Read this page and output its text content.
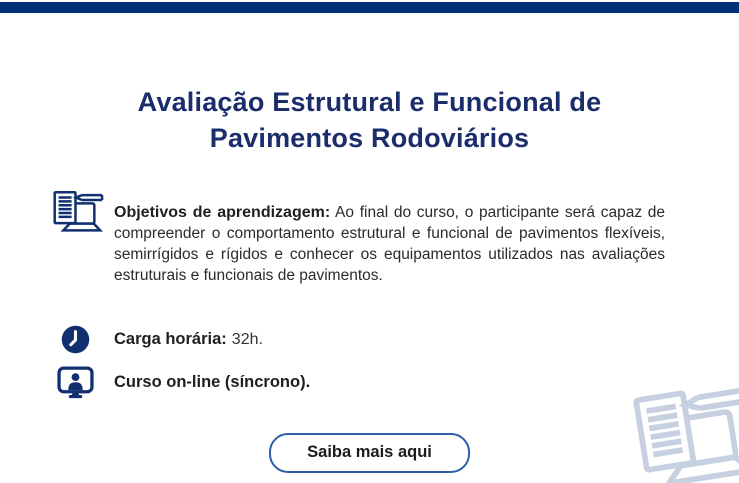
Avaliação Estrutural e Funcional de
Pavimentos Rodoviários

Objetivos de aprendizagem: Ao final do curso, o participante será capaz de compreender o comportamento estrutural e funcional de pavimentos flexíveis, semirrígidos e rígidos e conhecer os equipamentos utilizados nas avaliações estruturais e funcionais de pavimentos.

Carga horária: 32h.
Curso on-line (síncrono).
Saiba mais aqui
